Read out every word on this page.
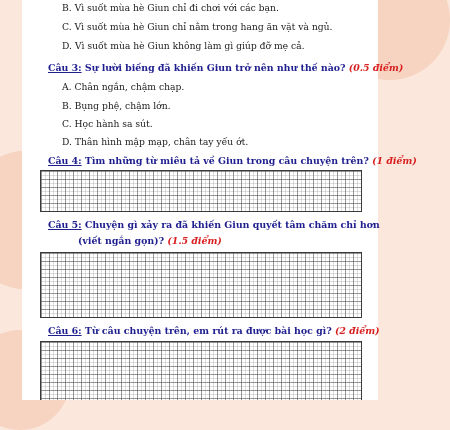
B. Vì suốt mùa hè Giun chỉ đi chơi với các bạn.
C. Vì suốt mùa hè Giun chỉ nằm trong hang ăn vặt và ngủ.
D. Vì suốt mùa hè Giun không làm gì giúp đỡ mẹ cả.
Câu 3: Sự lười biếng đã khiến Giun trở nên như thế nào? (0.5 điểm)
A. Chân ngắn, chậm chạp.
B. Bụng phệ, chậm lớn.
C. Học hành sa sút.
D. Thân hình mập mạp, chân tay yếu ớt.
Câu 4: Tìm những từ miêu tả về Giun trong câu chuyện trên? (1 điểm)
Câu 5: Chuyện gì xảy ra đã khiến Giun quyết tâm chăm chỉ hơn
(viết ngắn gọn)? (1.5 điểm)
Câu 6: Từ câu chuyện trên, em rút ra được bài học gì? (2 điểm)
